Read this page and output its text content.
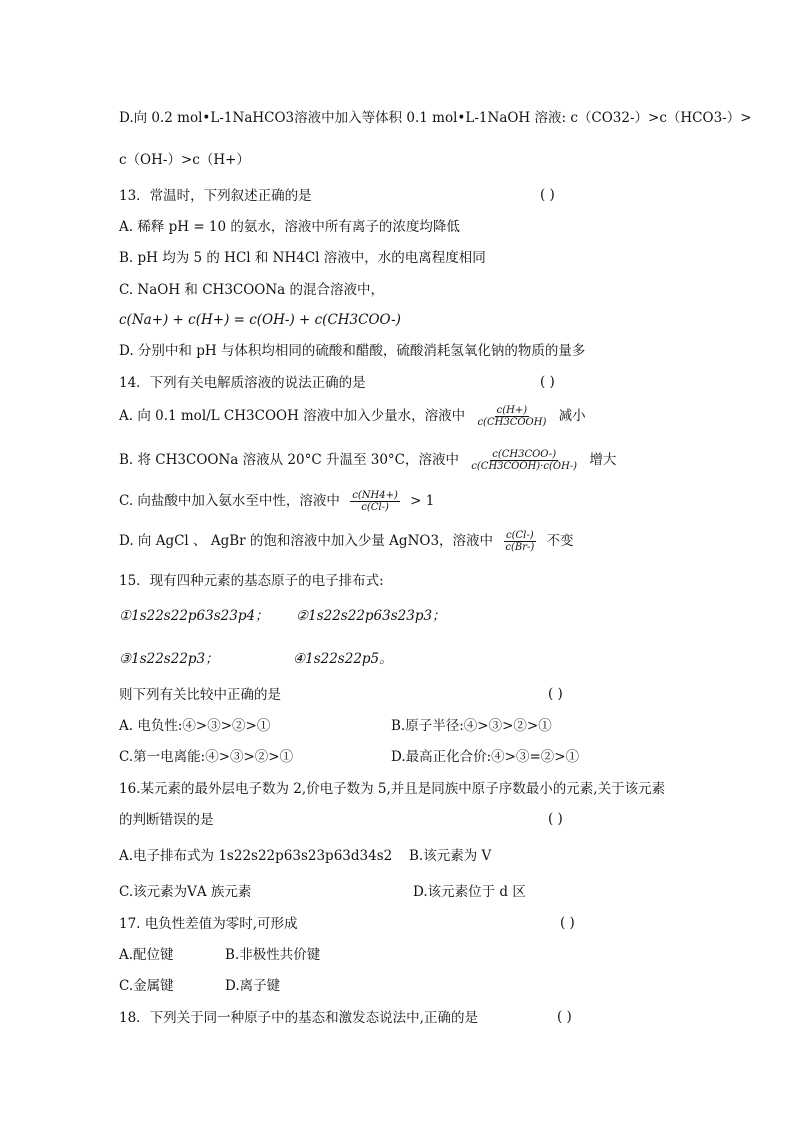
D.向 0.2 mol•L-1NaHCO3溶液中加入等体积 0.1 mol•L-1NaOH 溶液: c（CO32-）>c（HCO3-）>
c（OH-）>c（H+）
13．常温时，下列叙述正确的是	( )
A. 稀释 pH = 10 的氨水，溶液中所有离子的浓度均降低
B. pH 均为 5 的 HCl 和 NH4Cl 溶液中，水的电离程度相同
C. NaOH 和 CH3COONa 的混合溶液中，
c(Na+) + c(H+) = c(OH-) + c(CH3COO-)
D. 分别中和 pH 与体积均相同的硫酸和醋酸，硫酸消耗氢氧化钠的物质的量多
14．下列有关电解质溶液的说法正确的是	( )
A. 向 0.1 mol/L CH3COOH 溶液中加入少量水，溶液中 $\frac{c(H+)}{\text{c(CH3COOH)}}$ 减小
B. 将 CH3COONa 溶液从 20°C 升温至 30°C，溶液中 $\frac{\text{c(CH3COO-)}}{\text{c(CH3COOH)·c(OH-)}}$ 增大
C. 向盐酸中加入氨水至中性，溶液中 $\frac{c(NH4+)}{c(Cl-)} > 1$
D. 向 AgCl 、 AgBr 的饱和溶液中加入少量 AgNO3，溶液中 $\frac{c(Cl-)}{c(Br-)}$ 不变
15．现有四种元素的基态原子的电子排布式:
①1s22s22p63s23p4； ②1s22s22p63s23p3；
③1s22s22p3；	④1s22s22p5。
则下列有关比较中正确的是	( )
A. 电负性:④>③>②>①	B.原子半径:④>③>②>①
C.第一电离能:④>③>②>①	D.最高正化合价:④>③=②>①
16.某元素的最外层电子数为 2,价电子数为 5,并且是同族中原子序数最小的元素,关于该元素
的判断错误的是	( )
A.电子排布式为 1s22s22p63s23p63d34s2 B.该元素为 V
C.该元素为ⅤA 族元素	D.该元素位于 d 区
17. 电负性差值为零时,可形成	( )
A.配位键	B.非极性共价键
C.金属键	D.离子键
18．下列关于同一种原子中的基态和激发态说法中,正确的是	( )
